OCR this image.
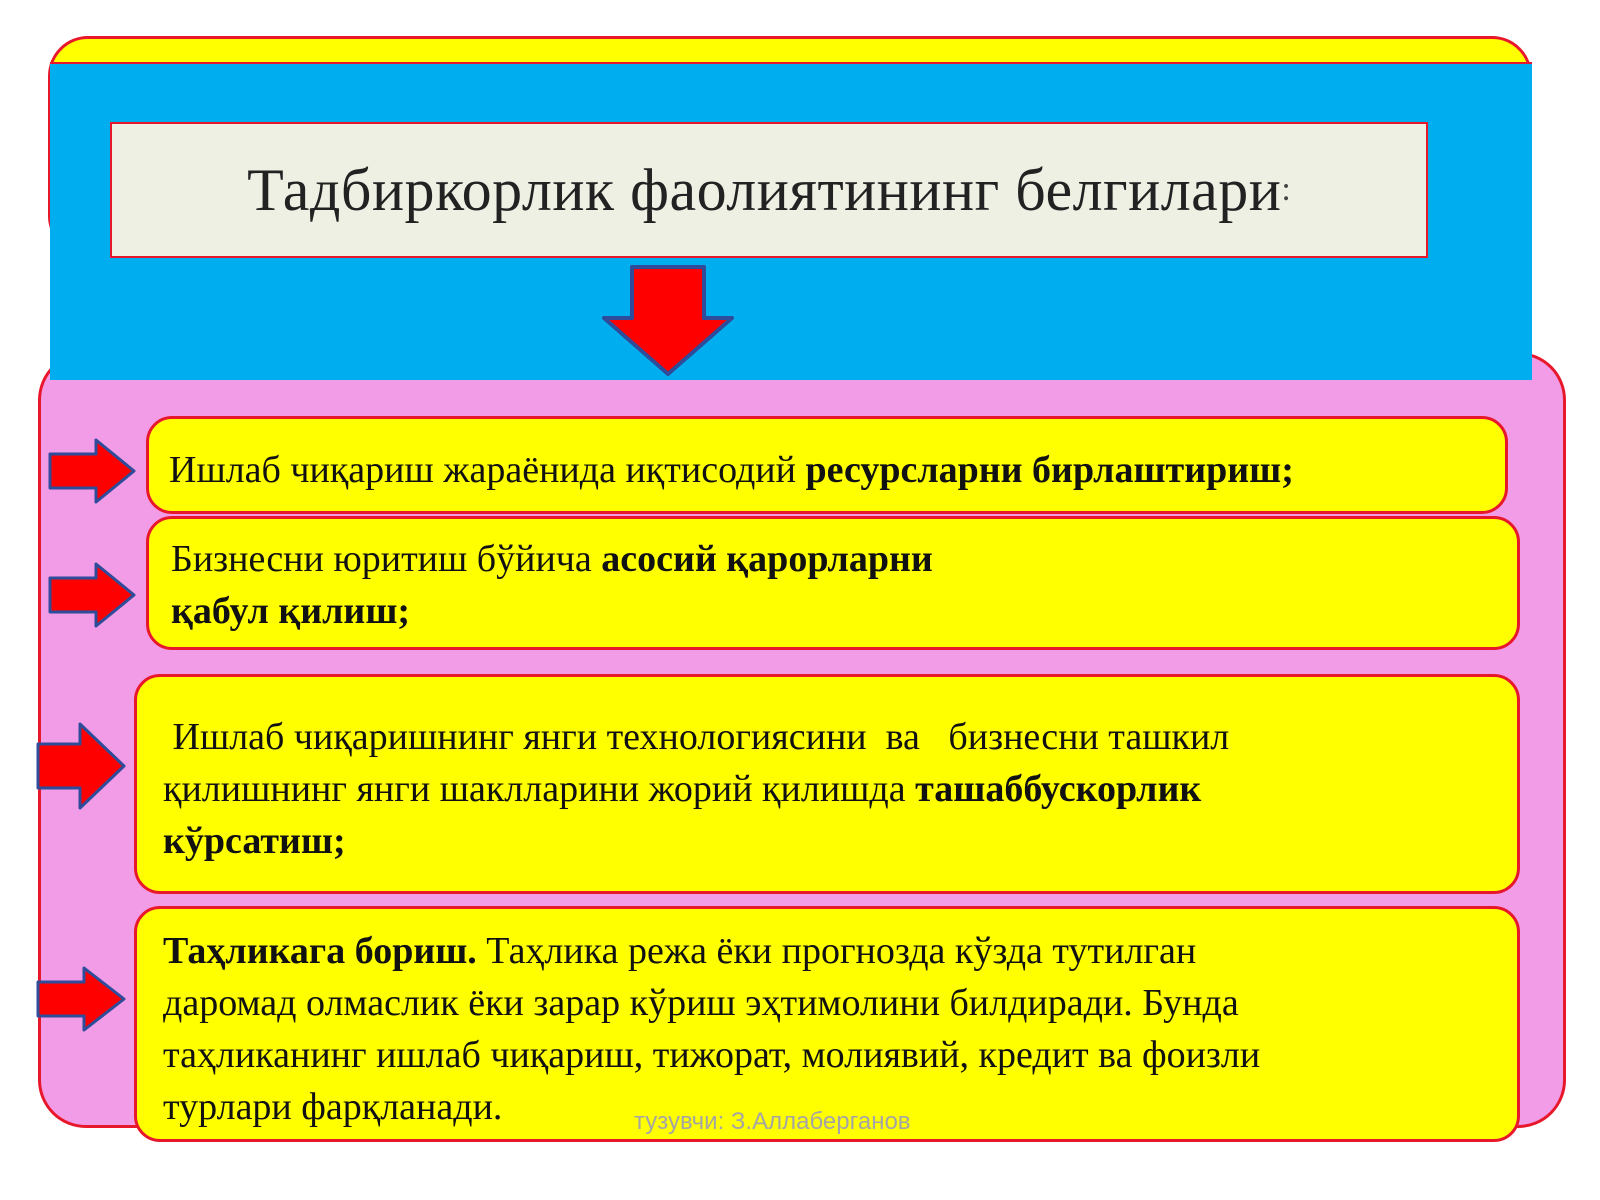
Тадбиркорлик фаолиятининг белгилари :

Ишлаб чиқариш жараёнида иқтисодий ресурсларни бирлаштириш;

Бизнесни юритиш бўйича асосий қарорларни

қабул қилиш;

Ишлаб чиқаришнинг янги технологиясини  ва   бизнесни ташкил

қилишнинг янги шаклларини жорий қилишда ташаббускорлик

кўрсатиш;

Таҳликага бориш. Таҳлика режа ёки прогнозда кўзда тутилган

даромад олмаслик ёки зарар кўриш эҳтимолини билдиради. Бунда

таҳликанинг ишлаб чиқариш, тижорат, молиявий, кредит ва фоизли

турлари фарқланади.	тузувчи: З.Аллаберганов
